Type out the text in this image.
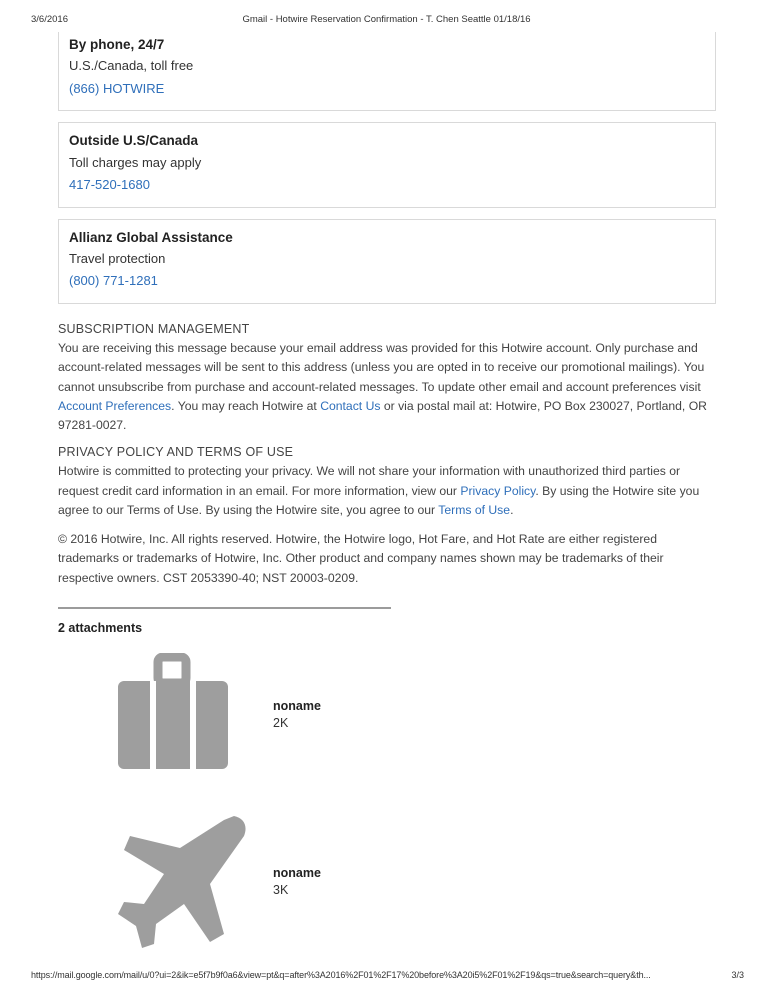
3/6/2016	Gmail - Hotwire Reservation Confirmation - T. Chen Seattle 01/18/16
By phone, 24/7
U.S./Canada, toll free
(866) HOTWIRE
Outside U.S/Canada
Toll charges may apply
417-520-1680
Allianz Global Assistance
Travel protection
(800) 771-1281
SUBSCRIPTION MANAGEMENT

You are receiving this message because your email address was provided for this Hotwire account. Only purchase and account-related messages will be sent to this address (unless you are opted in to receive our promotional mailings). You cannot unsubscribe from purchase and account-related messages. To update other email and account preferences visit Account Preferences. You may reach Hotwire at Contact Us or via postal mail at: Hotwire, PO Box 230027, Portland, OR 97281-0027.

PRIVACY POLICY AND TERMS OF USE

Hotwire is committed to protecting your privacy. We will not share your information with unauthorized third parties or request credit card information in an email. For more information, view our Privacy Policy. By using the Hotwire site you agree to our Terms of Use. By using the Hotwire site, you agree to our Terms of Use.

© 2016 Hotwire, Inc. All rights reserved. Hotwire, the Hotwire logo, Hot Fare, and Hot Rate are either registered trademarks or trademarks of Hotwire, Inc. Other product and company names shown may be trademarks of their respective owners. CST 2053390-40; NST 20003-0209.

2 attachments
noname
2K
noname
3K
https://mail.google.com/mail/u/0?ui=2&ik=e5f7b9f0a6&view=pt&q=after%3A2016%2F01%2F17%20before%3A20i5%2F01%2F19&qs=true&search=query&th...	3/3
